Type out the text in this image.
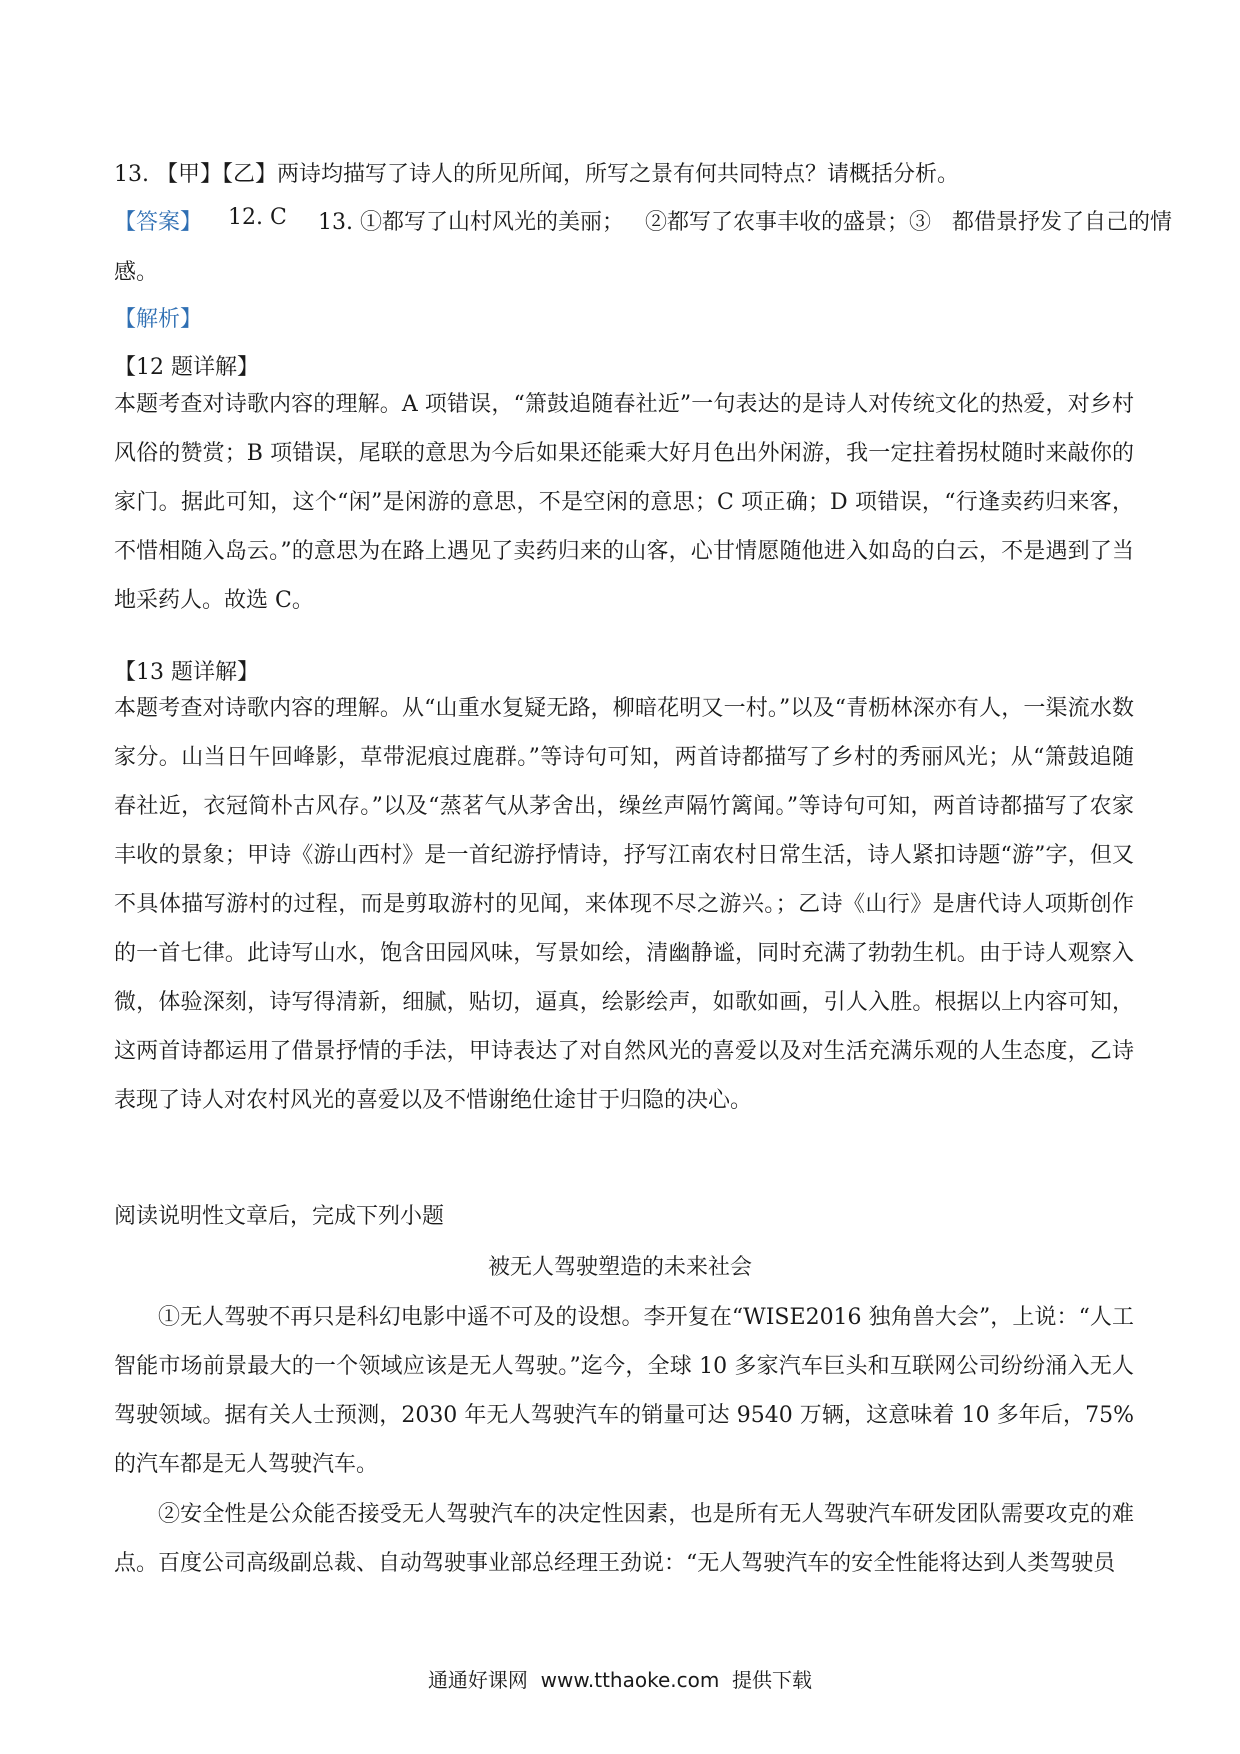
13. 【甲】【乙】两诗均描写了诗人的所见所闻，所写之景有何共同特点？请概括分析。

【答案】 12. C 13. ①都写了山村风光的美丽；   ②都写了农事丰收的盛景；③   都借景抒发了自己的情
感。
【解析】

【12 题详解】

本题考查对诗歌内容的理解。A 项错误，“箫鼓追随春社近”一句表达的是诗人对传统文化的热爱，对乡村风俗的赞赏；B 项错误，尾联的意思为今后如果还能乘大好月色出外闲游，我一定拄着拐杖随时来敲你的家门。据此可知，这个“闲”是闲游的意思，不是空闲的意思；C 项正确；D 项错误，“行逢卖药归来客，不惜相随入岛云。”的意思为在路上遇见了卖药归来的山客，心甘情愿随他进入如岛的白云，不是遇到了当地采药人。故选 C。

【13 题详解】

本题考查对诗歌内容的理解。从“山重水复疑无路，柳暗花明又一村。”以及“青枥林深亦有人，一渠流水数家分。山当日午回峰影，草带泥痕过鹿群。”等诗句可知，两首诗都描写了乡村的秀丽风光；从“箫鼓追随春社近，衣冠简朴古风存。”以及“蒸茗气从茅舍出，缲丝声隔竹篱闻。”等诗句可知，两首诗都描写了农家丰收的景象；甲诗《游山西村》是一首纪游抒情诗，抒写江南农村日常生活，诗人紧扣诗题“游”字，但又不具体描写游村的过程，而是剪取游村的见闻，来体现不尽之游兴。；乙诗《山行》是唐代诗人项斯创作的一首七律。此诗写山水，饱含田园风味，写景如绘，清幽静谧，同时充满了勃勃生机。由于诗人观察入微，体验深刻，诗写得清新，细腻，贴切，逼真，绘影绘声，如歌如画，引人入胜。根据以上内容可知，这两首诗都运用了借景抒情的手法，甲诗表达了对自然风光的喜爱以及对生活充满乐观的人生态度，乙诗表现了诗人对农村风光的喜爱以及不惜谢绝仕途甘于归隐的决心。

阅读说明性文章后，完成下列小题

被无人驾驶塑造的未来社会

①无人驾驶不再只是科幻电影中遥不可及的设想。李开复在“WISE2016 独角兽大会”，上说：“人工智能市场前景最大的一个领域应该是无人驾驶。”迄今，全球 10 多家汽车巨头和互联网公司纷纷涌入无人驾驶领域。据有关人士预测，2030 年无人驾驶汽车的销量可达 9540 万辆，这意味着 10 多年后，75%的汽车都是无人驾驶汽车。

②安全性是公众能否接受无人驾驶汽车的决定性因素，也是所有无人驾驶汽车研发团队需要攻克的难点。百度公司高级副总裁、自动驾驶事业部总经理王劲说：“无人驾驶汽车的安全性能将达到人类驾驶员

通通好课网  www.tthaoke.com  提供下载
